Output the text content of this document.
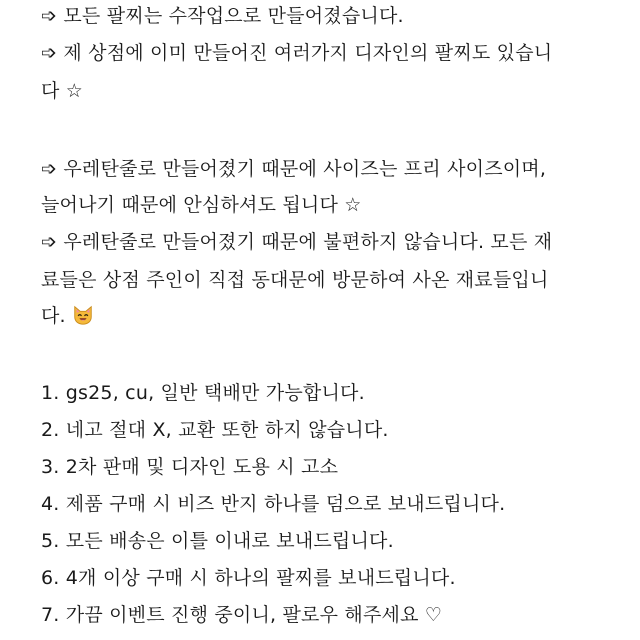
➩ 모든 팔찌는 수작업으로 만들어졌습니다.
➩ 제 상점에 이미 만들어진 여러가지 디자인의 팔찌도 있습니
다 ☆
➩ 우레탄줄로 만들어졌기 때문에 사이즈는 프리 사이즈이며,
늘어나기 때문에 안심하셔도 됩니다 ☆
➩ 우레탄줄로 만들어졌기 때문에 불편하지 않습니다. 모든 재
료들은 상점 주인이 직접 동대문에 방문하여 사온 재료들입니
다.
1. gs25, cu, 일반 택배만 가능합니다.
2. 네고 절대 X, 교환 또한 하지 않습니다.
3. 2차 판매 및 디자인 도용 시 고소
4. 제품 구매 시 비즈 반지 하나를 덤으로 보내드립니다.
5. 모든 배송은 이틀 이내로 보내드립니다.
6. 4개 이상 구매 시 하나의 팔찌를 보내드립니다.
7. 가끔 이벤트 진행 중이니, 팔로우 해주세요 ♡
